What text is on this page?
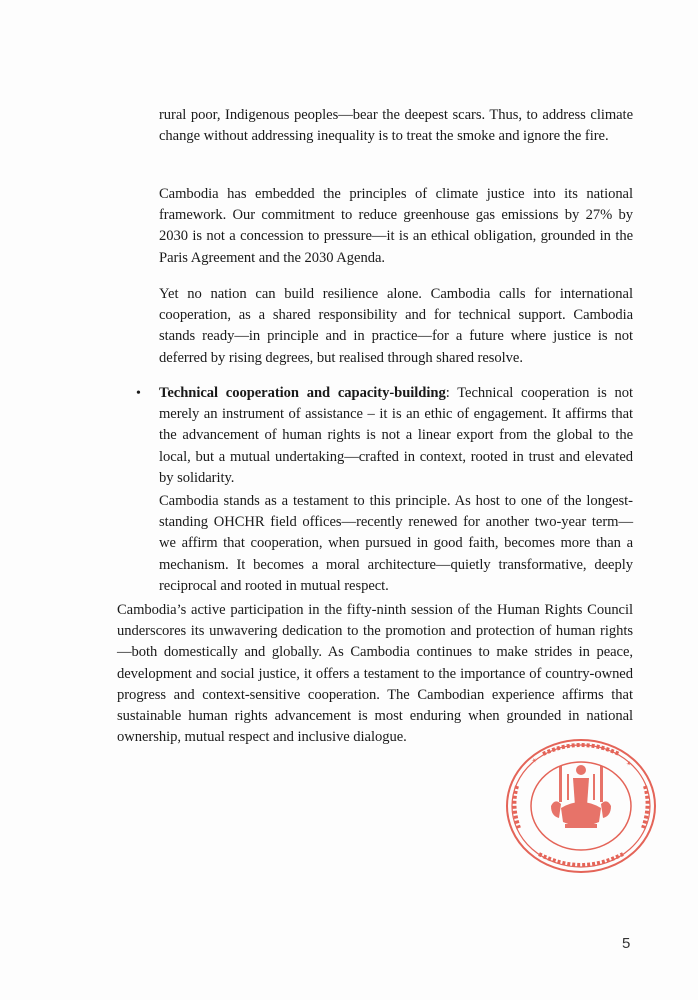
rural poor, Indigenous peoples—bear the deepest scars. Thus, to address climate change without addressing inequality is to treat the smoke and ignore the fire.

Cambodia has embedded the principles of climate justice into its national framework. Our commitment to reduce greenhouse gas emissions by 27% by 2030 is not a concession to pressure—it is an ethical obligation, grounded in the Paris Agreement and the 2030 Agenda.

Yet no nation can build resilience alone. Cambodia calls for international cooperation, as a shared responsibility and for technical support. Cambodia stands ready—in principle and in practice—for a future where justice is not deferred by rising degrees, but realised through shared resolve.

• Technical cooperation and capacity-building: Technical cooperation is not merely an instrument of assistance – it is an ethic of engagement. It affirms that the advancement of human rights is not a linear export from the global to the local, but a mutual undertaking—crafted in context, rooted in trust and elevated by solidarity.

Cambodia stands as a testament to this principle. As host to one of the longest-standing OHCHR field offices—recently renewed for another two-year term—we affirm that cooperation, when pursued in good faith, becomes more than a mechanism. It becomes a moral architecture—quietly transformative, deeply reciprocal and rooted in mutual respect.

Cambodia’s active participation in the fifty-ninth session of the Human Rights Council underscores its unwavering dedication to the promotion and protection of human rights—both domestically and globally. As Cambodia continues to make strides in peace, development and social justice, it offers a testament to the importance of country-owned progress and context-sensitive cooperation. The Cambodian experience affirms that sustainable human rights advancement is most enduring when grounded in national ownership, mutual respect and inclusive dialogue.

✶	✶
5
